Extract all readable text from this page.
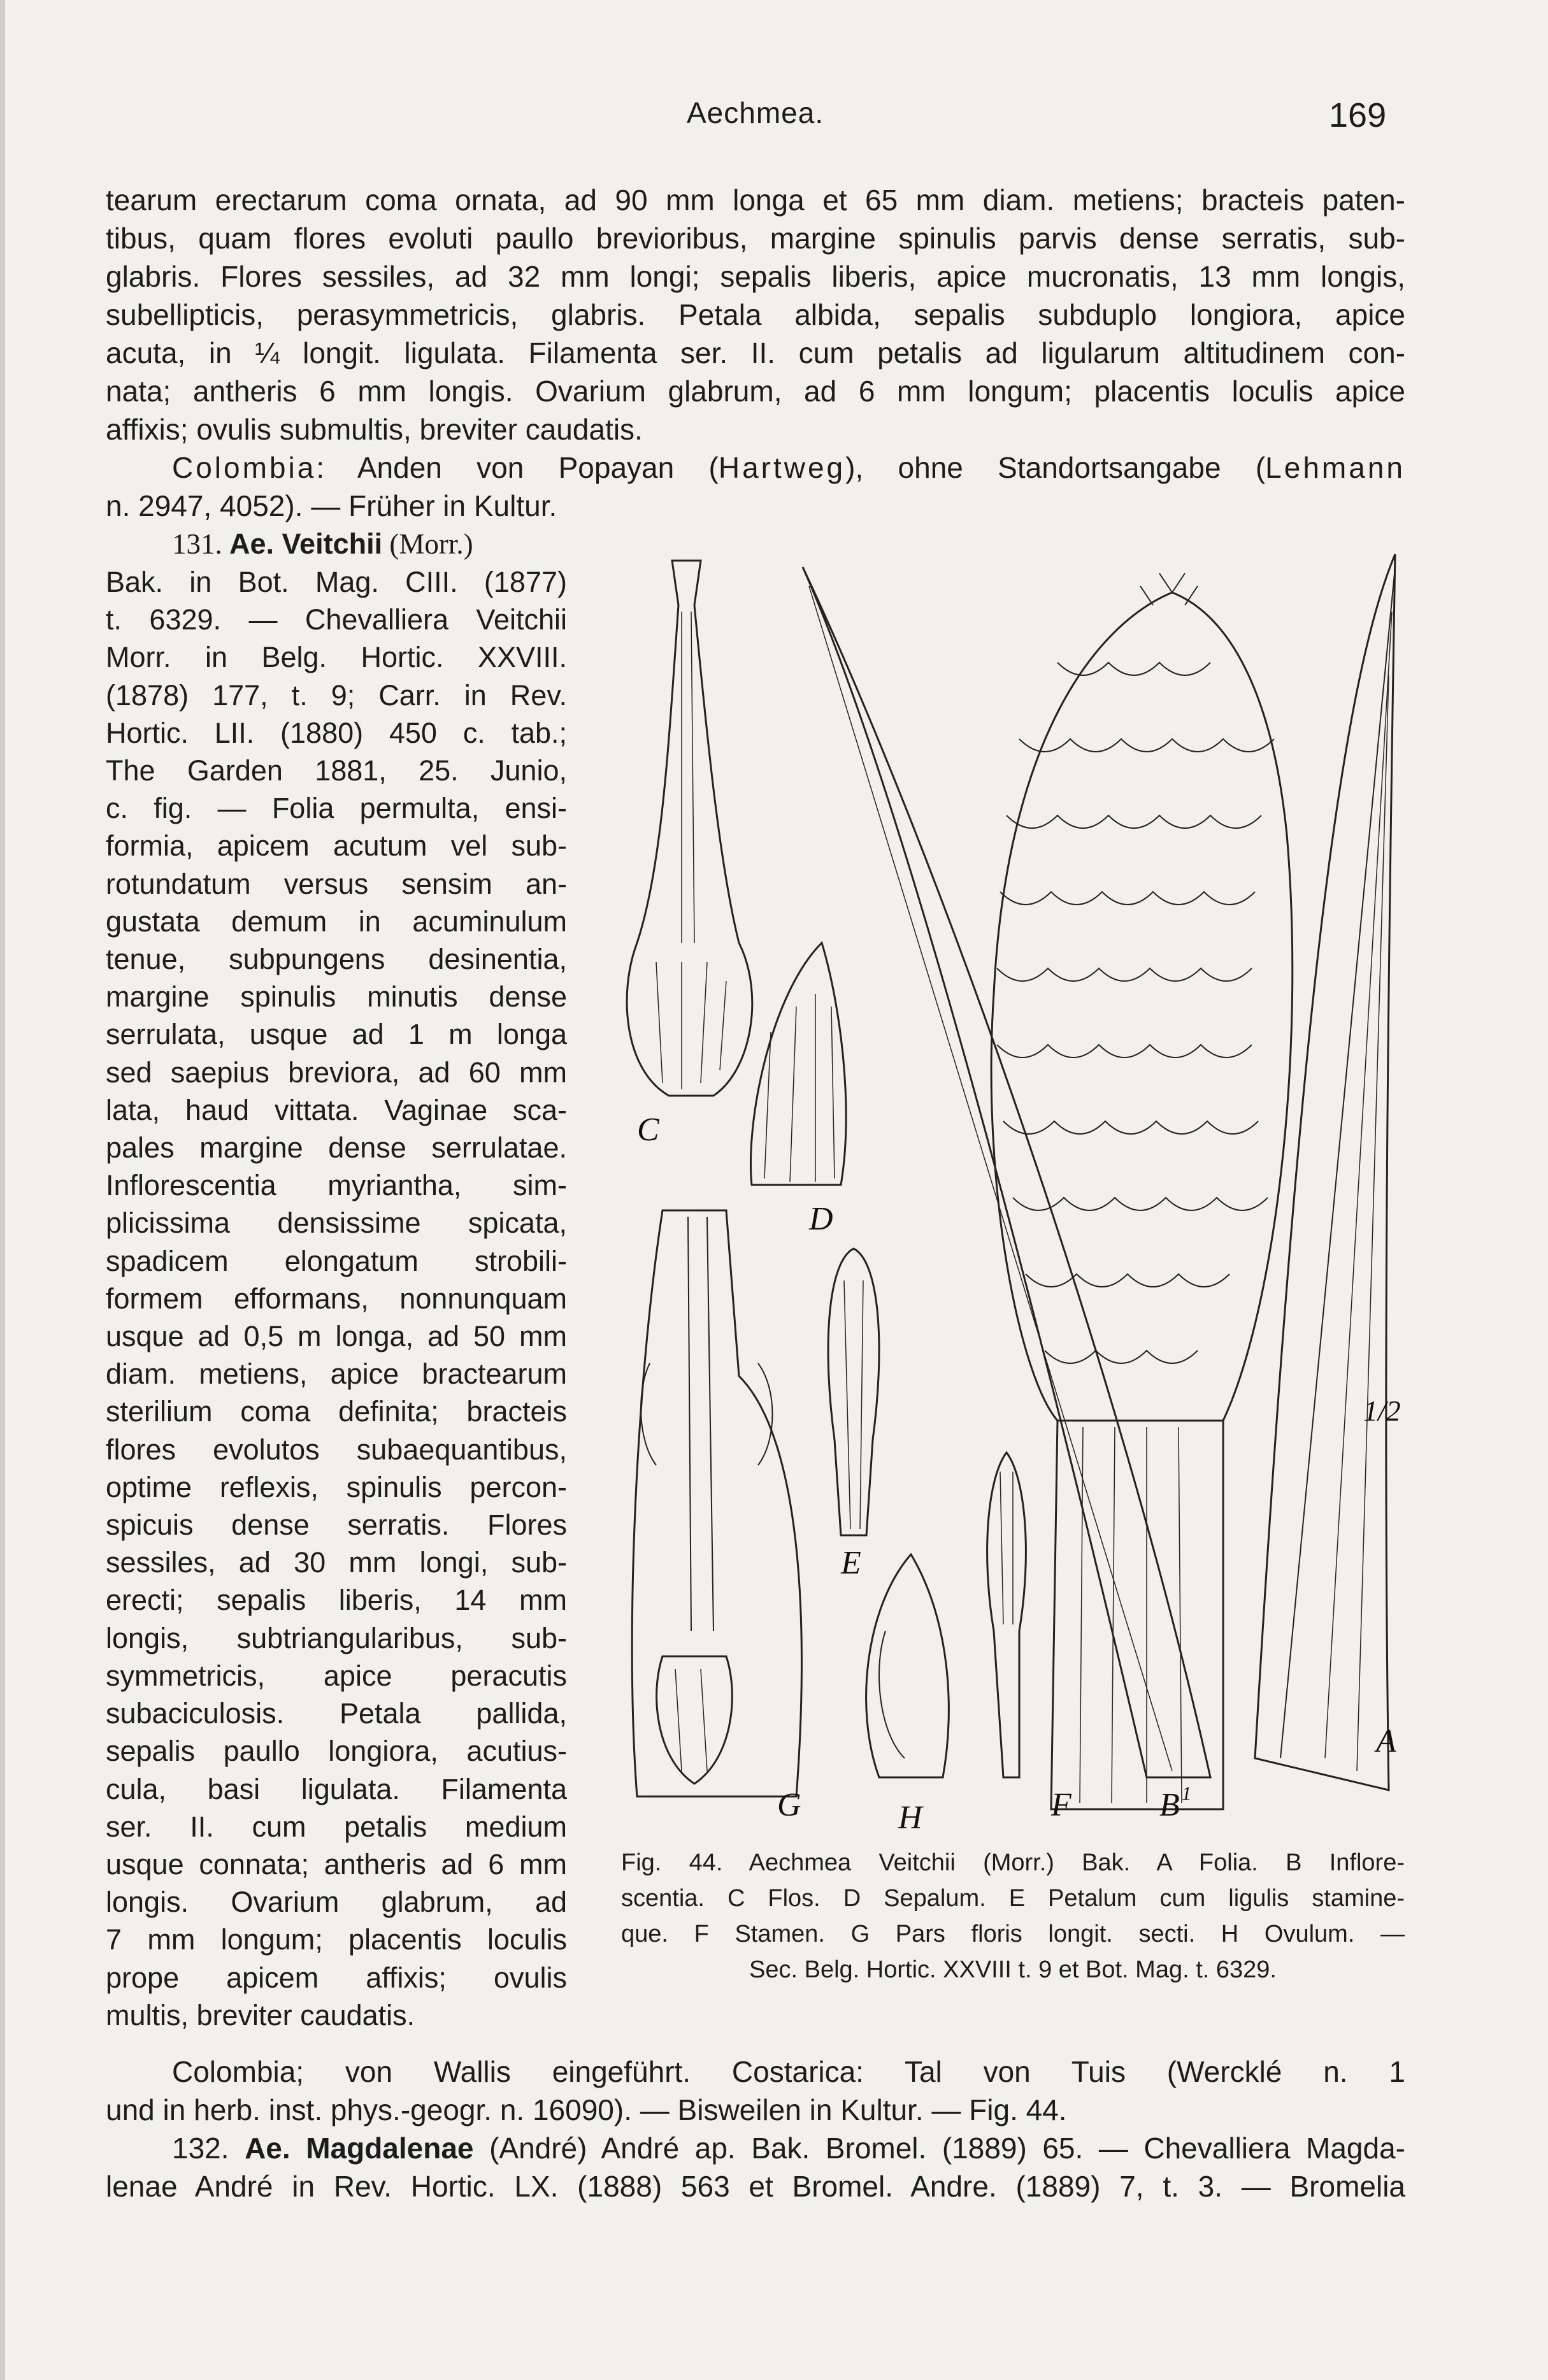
Aechmea.	169
tearum erectarum coma ornata, ad 90 mm longa et 65 mm diam. metiens; bracteis paten-
tibus, quam flores evoluti paullo brevioribus, margine spinulis parvis dense serratis, sub-
glabris. Flores sessiles, ad 32 mm longi; sepalis liberis, apice mucronatis, 13 mm longis,
subellipticis, perasymmetricis, glabris. Petala albida, sepalis subduplo longiora, apice
acuta, in ¼ longit. ligulata. Filamenta ser. II. cum petalis ad ligularum altitudinem con-
nata; antheris 6 mm longis. Ovarium glabrum, ad 6 mm longum; placentis loculis apice
affixis; ovulis submultis, breviter caudatis.
Colombia: Anden von Popayan (Hartweg), ohne Standortsangabe (Lehmann
n. 2947, 4052). — Früher in Kultur.
131. Ae. Veitchii (Morr.)
Bak. in Bot. Mag. CIII. (1877)
t. 6329. — Chevalliera Veitchii
Morr. in Belg. Hortic. XXVIII.
(1878) 177, t. 9; Carr. in Rev.
Hortic. LII. (1880) 450 c. tab.;
The Garden 1881, 25. Junio,
c. fig. — Folia permulta, ensi-
formia, apicem acutum vel sub-
rotundatum versus sensim an-
gustata demum in acuminulum
tenue, subpungens desinentia,
margine spinulis minutis dense
serrulata, usque ad 1 m longa
sed saepius breviora, ad 60 mm
lata, haud vittata. Vaginae sca-
pales margine dense serrulatae.
Inflorescentia myriantha, sim-
plicissima densissime spicata,
spadicem elongatum strobili-
formem efformans, nonnunquam
usque ad 0,5 m longa, ad 50 mm
diam. metiens, apice bractearum
sterilium coma definita; bracteis
flores evolutos subaequantibus,
optime reflexis, spinulis percon-
spicuis dense serratis. Flores
sessiles, ad 30 mm longi, sub-
erecti; sepalis liberis, 14 mm
longis, subtriangularibus, sub-
symmetricis, apice peracutis
subaciculosis. Petala pallida,
sepalis paullo longiora, acutius-
cula, basi ligulata. Filamenta
ser. II. cum petalis medium
usque connata; antheris ad 6 mm
longis. Ovarium glabrum, ad
7 mm longum; placentis loculis
prope apicem affixis; ovulis
multis, breviter caudatis.
Colombia; von Wallis eingeführt. Costarica: Tal von Tuis (Wercklé n. 1
und in herb. inst. phys.-geogr. n. 16090). — Bisweilen in Kultur. — Fig. 44.
132. Ae. Magdalenae (André) André ap. Bak. Bromel. (1889) 65. — Chevalliera Magda-
lenae André in Rev. Hortic. LX. (1888) 563 et Bromel. Andre. (1889) 7, t. 3. — Bromelia
C
D
E
G	H	F	B 1
A
1/2
Fig. 44. Aechmea Veitchii (Morr.) Bak. A Folia. B Inflore-
scentia. C Flos. D Sepalum. E Petalum cum ligulis stamine-
que. F Stamen. G Pars floris longit. secti. H Ovulum. —
Sec. Belg. Hortic. XXVIII t. 9 et Bot. Mag. t. 6329.
